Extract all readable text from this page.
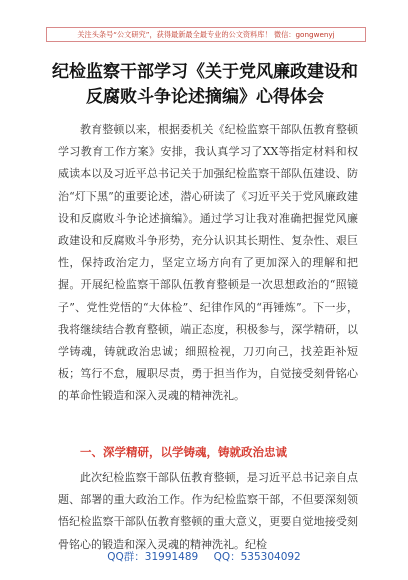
关注头条号“公文研究”，获得最新最全最专业的公文资料库！ 微信：gongwenyj
纪检监察干部学习《关于党风廉政建设和
反腐败斗争论述摘编》心得体会
教育整顿以来，根据委机关《纪检监察干部队伍教育整顿学习教育工作方案》安排，我认真学习了XX等指定材料和权威读本以及习近平总书记关于加强纪检监察干部队伍建设、防治“灯下黑”的重要论述，潜心研读了《习近平关于党风廉政建设和反腐败斗争论述摘编》。通过学习让我对准确把握党风廉政建设和反腐败斗争形势，充分认识其长期性、复杂性、艰巨性，保持政治定力，坚定立场方向有了更加深入的理解和把握。开展纪检监察干部队伍教育整顿是一次思想政治的“照镜子”、党性党悟的“大体检”、纪律作风的“再锤炼”。下一步，我将继续结合教育整顿，端正态度，积极参与，深学精研，以学铸魂，铸就政治忠诚；细照检视，刀刃向己，找差距补短板；笃行不怠，履职尽责，勇于担当作为，自觉接受刻骨铭心的革命性锻造和深入灵魂的精神洗礼。
一、深学精研，以学铸魂，铸就政治忠诚
此次纪检监察干部队伍教育整顿，是习近平总书记亲自点题、部署的重大政治工作。作为纪检监察干部，不但要深刻领悟纪检监察干部队伍教育整顿的重大意义，更要自觉地接受刻骨铭心的锻造和深入灵魂的精神洗礼。纪检
QQ群：31991489 QQ：535304092
